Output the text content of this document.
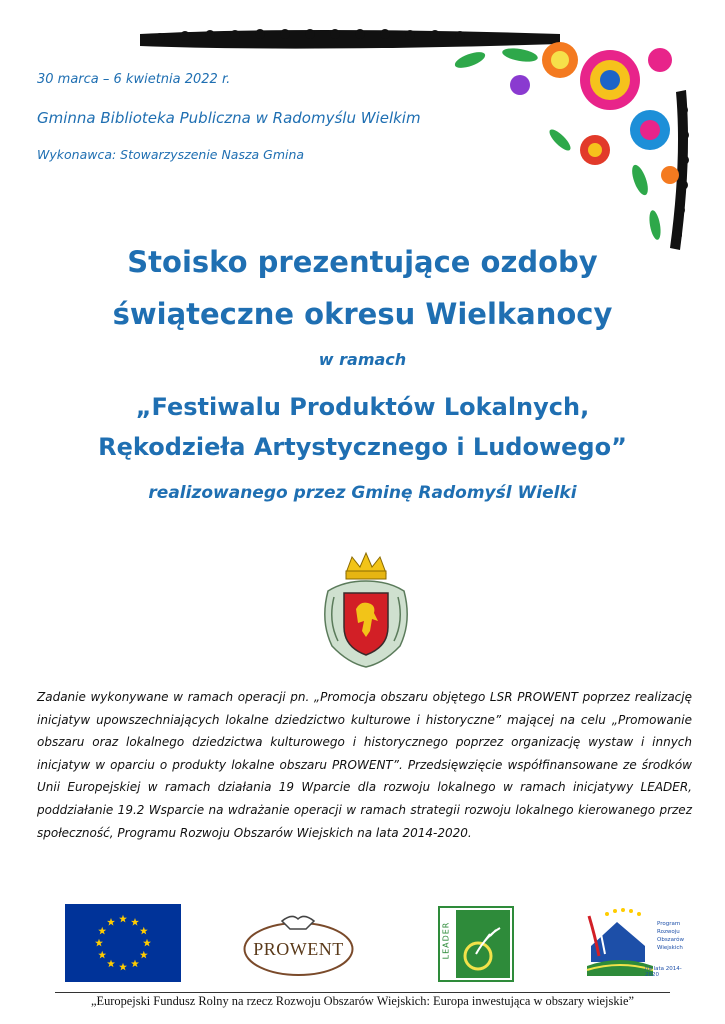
30 marca – 6 kwietnia 2022 r.
Gminna Biblioteka Publiczna w Radomyślu Wielkim
Wykonawca: Stowarzyszenie Nasza Gmina
Stoisko prezentujące ozdoby
świąteczne okresu Wielkanocy
w ramach
„Festiwalu Produktów Lokalnych,
Rękodzieła Artystycznego i Ludowego”
realizowanego przez Gminę Radomyśl Wielki
Zadanie wykonywane w ramach operacji pn. „Promocja obszaru objętego LSR PROWENT poprzez realizację inicjatyw upowszechniających lokalne dziedzictwo kulturowe i historyczne” mającej na celu „Promowanie obszaru oraz lokalnego dziedzictwa kulturowego i historycznego poprzez organizację wystaw i innych inicjatyw w oparciu o produkty lokalne obszaru PROWENT”. Przedsięwzięcie współfinansowane ze środków Unii Europejskiej w ramach działania 19 Wparcie dla rozwoju lokalnego w ramach inicjatywy LEADER, poddziałanie 19.2 Wsparcie na wdrażanie operacji w ramach strategii rozwoju lokalnego kierowanego przez społeczność, Programu Rozwoju Obszarów Wiejskich na lata 2014-2020.
PROWENT	LEADER	Program
Rozwoju
Obszarów
Wiejskich
na lata 2014-2020
„Europejski Fundusz Rolny na rzecz Rozwoju Obszarów Wiejskich: Europa inwestująca w obszary wiejskie”
